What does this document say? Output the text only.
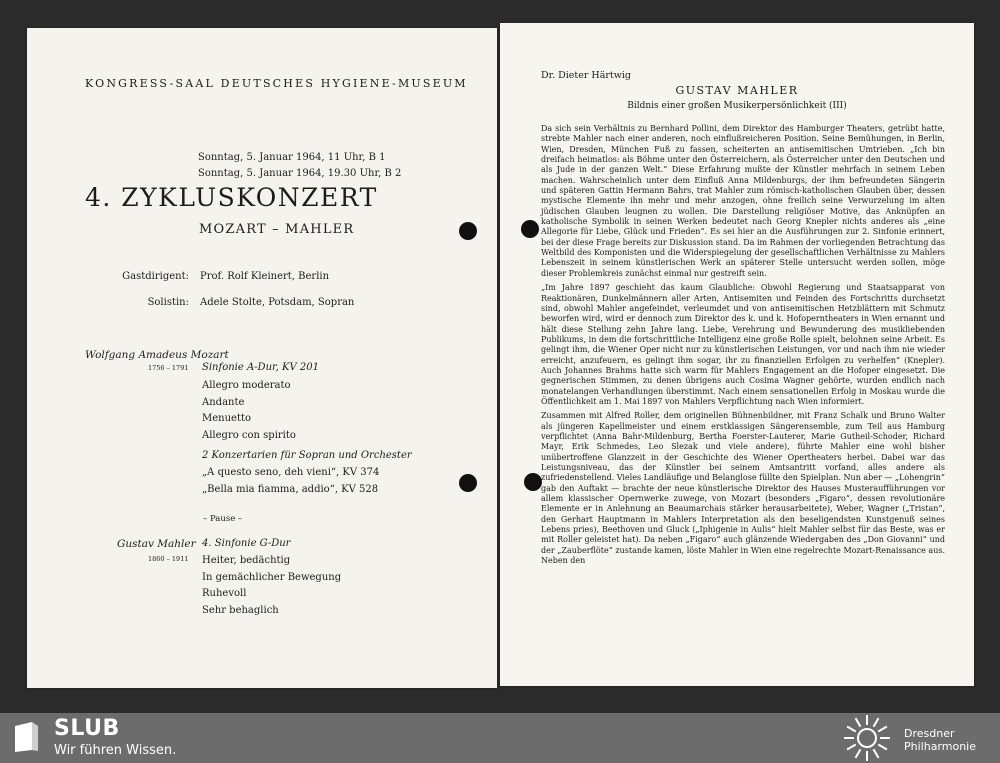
KONGRESS-SAAL DEUTSCHES HYGIENE-MUSEUM
Sonntag, 5. Januar 1964, 11 Uhr, B 1
Sonntag, 5. Januar 1964, 19.30 Uhr, B 2
4. ZYKLUSKONZERT
MOZART – MAHLER
Gastdirigent: Prof. Rolf Kleinert, Berlin
Solistin: Adele Stolte, Potsdam, Sopran
Wolfgang Amadeus Mozart
1756 – 1791 Sinfonie A-Dur, KV 201
Allegro moderato
Andante
Menuetto
Allegro con spirito
2 Konzertarien für Sopran und Orchester
„A questo seno, deh vieni“, KV 374
„Bella mia fiamma, addio“, KV 528
– Pause –
Gustav Mahler
1860 – 1911
4. Sinfonie G-Dur
Heiter, bedächtig
In gemächlicher Bewegung
Ruhevoll
Sehr behaglich
Dr. Dieter Härtwig
GUSTAV MAHLER
Bildnis einer großen Musikerpersönlichkeit (III)

Da sich sein Verhältnis zu Bernhard Pollini, dem Direktor des Hamburger Theaters, getrübt hatte, strebte Mahler nach einer anderen, noch einflußreicheren Position. Seine Bemühungen, in Berlin, Wien, Dresden, München Fuß zu fassen, scheiterten an antisemitischen Umtrieben. „Ich bin dreifach heimatlos: als Böhme unter den Österreichern, als Österreicher unter den Deutschen und als Jude in der ganzen Welt.“ Diese Erfahrung mußte der Künstler mehrfach in seinem Leben machen. Wahrscheinlich unter dem Einfluß Anna Mildenburgs, der ihm befreundeten Sängerin und späteren Gattin Hermann Bahrs, trat Mahler zum römisch-katholischen Glauben über, dessen mystische Elemente ihn mehr und mehr anzogen, ohne freilich seine Verwurzelung im alten jüdischen Glauben leugnen zu wollen. Die Darstellung religiöser Motive, das Anknüpfen an katholische Symbolik in seinen Werken bedeutet nach Georg Knepler nichts anderes als „eine Allegorie für Liebe, Glück und Frieden“. Es sei hier an die Ausführungen zur 2. Sinfonie erinnert, bei der diese Frage bereits zur Diskussion stand. Da im Rahmen der vorliegenden Betrachtung das Weltbild des Komponisten und die Widerspiegelung der gesellschaftlichen Verhältnisse zu Mahlers Lebenszeit in seinem künstlerischen Werk an späterer Stelle untersucht werden sollen, möge dieser Problemkreis zunächst einmal nur gestreift sein.

„Im Jahre 1897 geschieht das kaum Glaubliche: Obwohl Regierung und Staatsapparat von Reaktionären, Dunkelmännern aller Arten, Antisemiten und Feinden des Fortschritts durchsetzt sind, obwohl Mahler angefeindet, verleumdet und von antisemitischen Hetzblättern mit Schmutz beworfen wird, wird er dennoch zum Direktor des k. und k. Hofoperntheaters in Wien ernannt und hält diese Stellung zehn Jahre lang. Liebe, Verehrung und Bewunderung des musikliebenden Publikums, in dem die fortschrittliche Intelligenz eine große Rolle spielt, belohnen seine Arbeit. Es gelingt ihm, die Wiener Oper nicht nur zu künstlerischen Leistungen, vor und nach ihm nie wieder erreicht, anzufeuern, es gelingt ihm sogar, ihr zu finanziellen Erfolgen zu verhelfen“ (Knepler). Auch Johannes Brahms hatte sich warm für Mahlers Engagement an die Hofoper eingesetzt. Die gegnerischen Stimmen, zu denen übrigens auch Cosima Wagner gehörte, wurden endlich nach monatelangen Verhandlungen überstimmt. Nach einem sensationellen Erfolg in Moskau wurde die Öffentlichkeit am 1. Mai 1897 von Mahlers Verpflichtung nach Wien informiert.

Zusammen mit Alfred Roller, dem originellen Bühnenbildner, mit Franz Schalk und Bruno Walter als jüngeren Kapellmeister und einem erstklassigen Sängerensemble, zum Teil aus Hamburg verpflichtet (Anna Bahr-Mildenburg, Bertha Foerster-Lauterer, Marie Gutheil-Schoder, Richard Mayr, Erik Schmedes, Leo Slezak und viele andere), führte Mahler eine wohl bisher unübertroffene Glanzzeit in der Geschichte des Wiener Opertheaters herbei. Dabei war das Leistungsniveau, das der Künstler bei seinem Amtsantritt vorfand, alles andere als zufriedenstellend. Vieles Landläufige und Belanglose füllte den Spielplan. Nun aber — „Lohengrin“ gab den Auftakt — brachte der neue künstlerische Direktor des Hauses Musteraufführungen vor allem klassischer Opernwerke zuwege, von Mozart (besonders „Figaro“, dessen revolutionäre Elemente er in Anlehnung an Beaumarchais stärker herausarbeitete), Weber, Wagner („Tristan“, den Gerhart Hauptmann in Mahlers Interpretation als den beseligendsten Kunstgenuß seines Lebens pries), Beethoven und Gluck („Iphigenie in Aulis“ hielt Mahler selbst für das Beste, was er mit Roller geleistet hat). Da neben „Figaro“ auch glänzende Wiedergaben des „Don Giovanni“ und der „Zauberflöte“ zustande kamen, löste Mahler in Wien eine regelrechte Mozart-Renaissance aus. Neben den

SLUB
Wir führen Wissen.
Dresdner
Philharmonie
